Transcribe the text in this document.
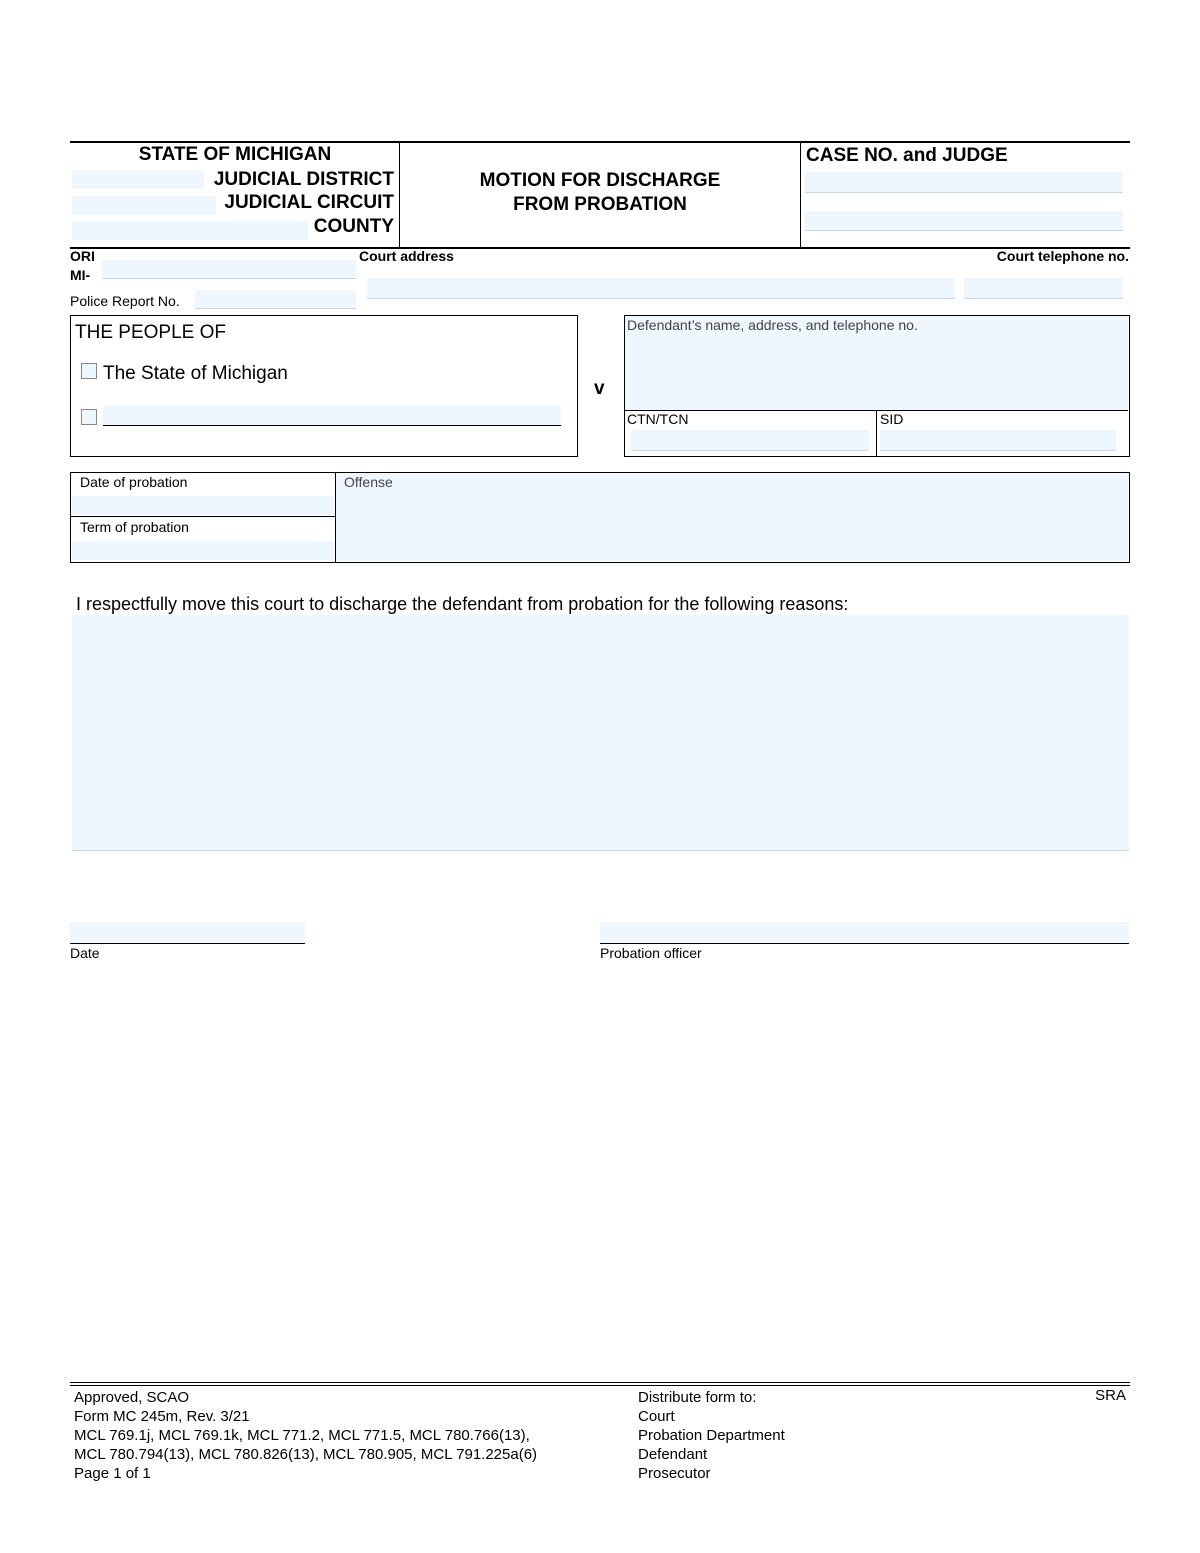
STATE OF MICHIGAN
JUDICIAL DISTRICT
JUDICIAL CIRCUIT
COUNTY
MOTION FOR DISCHARGE
FROM PROBATION
CASE NO. and JUDGE
ORI
MI-
Police Report No.
Court address	Court telephone no.
THE PEOPLE OF
The State of Michigan
v
Defendant’s name, address, and telephone no.
CTN/TCN	SID
Date of probation
Term of probation
Offense
I respectfully move this court to discharge the defendant from probation for the following reasons:
Date	Probation officer
Approved, SCAO
Form MC 245m, Rev. 3/21
MCL 769.1j, MCL 769.1k, MCL 771.2, MCL 771.5, MCL 780.766(13),
MCL 780.794(13), MCL 780.826(13), MCL 780.905, MCL 791.225a(6)
Page 1 of 1
Distribute form to:
Court
Probation Department
Defendant
Prosecutor
SRA
